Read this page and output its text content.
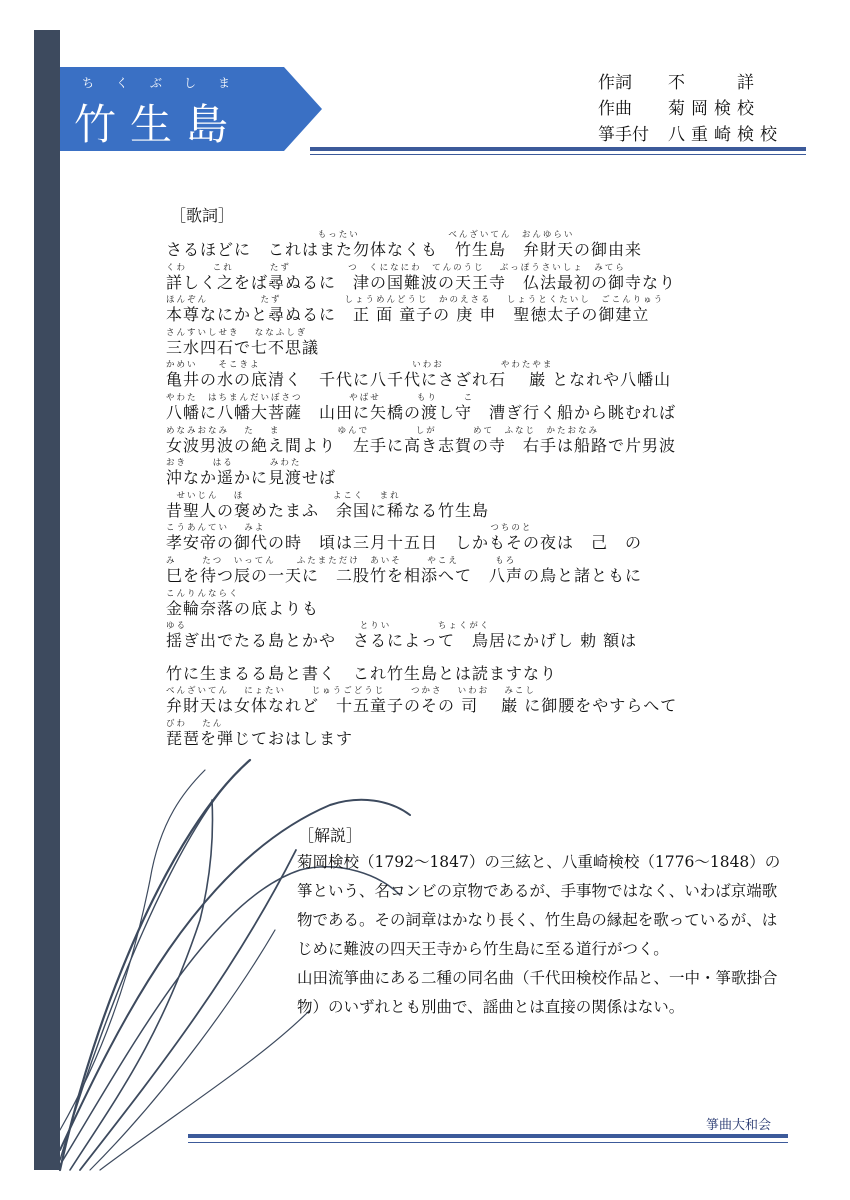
ちくぶしま
竹生島
作詞	不　　詳
作曲	菊岡検校
箏手付	八重崎検校
［歌詞］
　　　　　　　　　　　　　　 もったい　　　　　　　　 べんざいてん　おんゆらい
さるほどに　これはまた勿体なくも　竹生島　弁財天の御由来
くわ　　 これ　　　 たず　　　　　 つ　くになにわ　てんのうじ　 ぶっぽうさいしょ　みてら
詳しく之をば尋ぬるに　津の国難波の天王寺　仏法最初の御寺なり
ほんぞん　　　　　たず　　　　　　しょうめんどうじ　かのえさる　 しょうとくたいし　ごこんりゅう
本尊なにかと尋ぬるに　正 面 童子の 庚 申　聖徳太子の御建立
さんすいしせき　 ななふしぎ
三水四石で七不思議
かめい　　そこきよ　　　　　　　　　　　　　　 いわお　　　　　 やわたやま
亀井の水の底清く　千代に八千代にさざれ石　 巌 となれや八幡山
やわた　はちまんだいぼさつ　　　　 やばせ　　　 もり　　 こ
八幡に八幡大菩薩　山田に矢橋の渡し守　漕ぎ行く船から眺むれば
めなみおなみ　 た　 ま　　　　　 ゆんで　　　　 しが　　　 めて　ふなじ　かたおなみ
女波男波の絶え間より　左手に高き志賀の寺　右手は船路で片男波
おき　　 はる　　　 みわた
沖なか遥かに見渡せば
　せいじん　 ほ　　　　　　　　 よこく　 まれ
昔聖人の褒めたまふ　余国に稀なる竹生島
こうあんてい　 みよ　　　　　　　　　　　　　　　　　　　　　 つちのと
孝安帝の御代の時　頃は三月十五日　しかもその夜は　己　の
み　　 たつ　いってん　　ふたまただけ　あいそ　　 やこえ　　　 もろ
巳を待つ辰の一天に　二股竹を相添へて　八声の鳥と諸ともに
こんりんならく
金輪奈落の底よりも
ゆる　　　　　　　　　　　　　　　　 とりい　　　　 ちょくがく
揺ぎ出でたる島とかや　さるによって　鳥居にかげし 勅 額は
竹に生まるる島と書く　これ竹生島とは読ますなり
べんざいてん　 にょたい　　 じゅうごどうじ　　 つかさ　 いわお　 みこし
弁財天は女体なれど　十五童子のその 司 　巌 に御腰をやすらへて
びわ　 たん
琵琶を弾じておはします
［解説］

菊岡検校（1792～1847）の三絃と、八重崎検校（1776～1848）の箏という、名コンビの京物であるが、手事物ではなく、いわば京端歌物である。その詞章はかなり長く、竹生島の縁起を歌っているが、はじめに難波の四天王寺から竹生島に至る道行がつく。

山田流箏曲にある二種の同名曲（千代田検校作品と、一中・箏歌掛合物）のいずれとも別曲で、謡曲とは直接の関係はない。

箏曲大和会
